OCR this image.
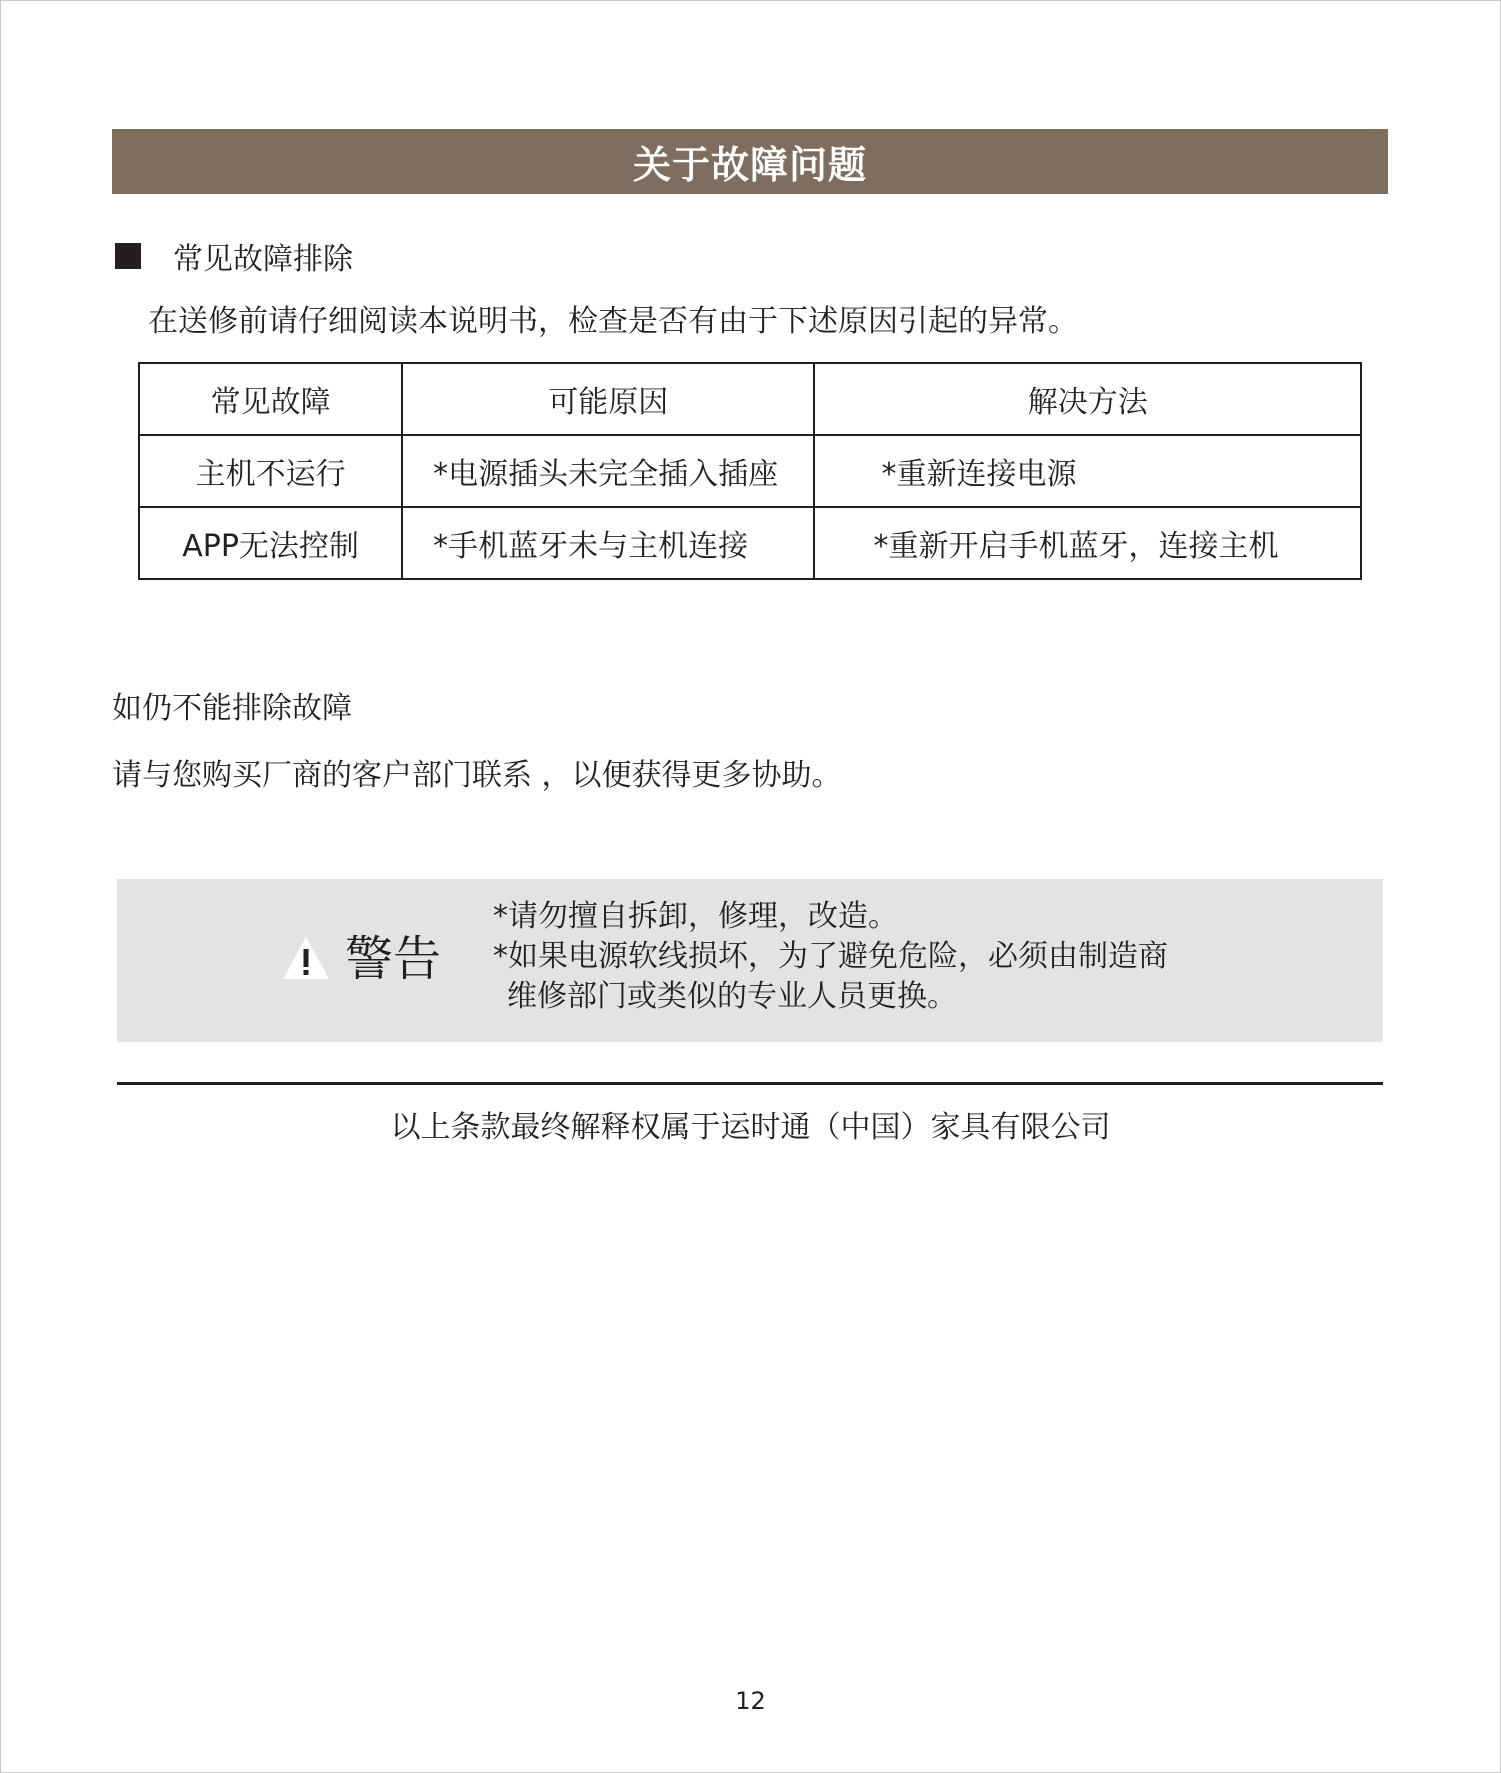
关于故障问题
常见故障排除
在送修前请仔细阅读本说明书，检查是否有由于下述原因引起的异常。
常见故障	可能原因	解决方法
主机不运行	*电源插头未完全插入插座	*重新连接电源
APP无法控制	*手机蓝牙未与主机连接	*重新开启手机蓝牙，连接主机
如仍不能排除故障
请与您购买厂商的客户部门联系 ，以便获得更多协助。
警告
*请勿擅自拆卸，修理，改造。
*如果电源软线损坏，为了避免危险，必须由制造商
维修部门或类似的专业人员更换。
以上条款最终解释权属于运时通（中国）家具有限公司
12
